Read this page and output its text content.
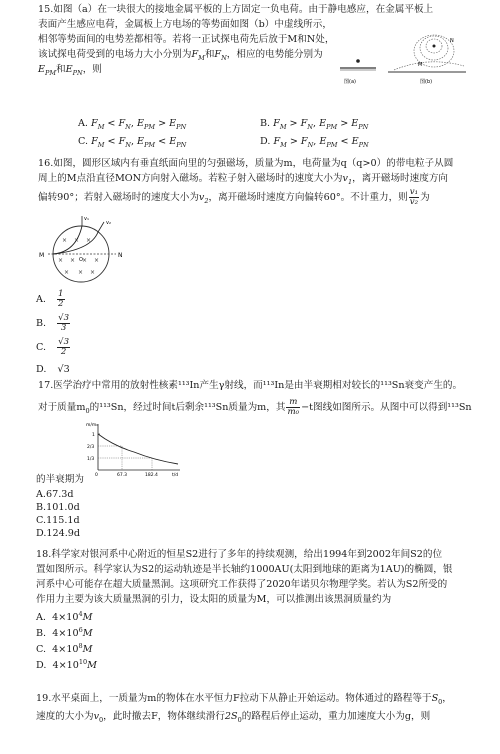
15.如图（a）在一块很大的接地金属平板的上方固定一负电荷。由于静电感应，在金属平板上
表面产生感应电荷，金属板上方电场的等势面如图（b）中虚线所示，
相邻等势面间的电势差都相等。若将一正试探电荷先后放于M和N处，
该试探电荷受到的电场力大小分别为$F_M$和$F_N$，相应的电势能分别为
$E_{PM}$和$E_{PN}$，则
图(a)
M
N
图(b)
A. $F_M < F_N$, $E_{PM} > E_{PN}$	B. $F_M > F_N$, $E_{PM} > E_{PN}$
C. $F_M < F_N$, $E_{PM} < E_{PN}$	D. $F_M > F_N$, $E_{PM} < E_{PN}$
16.如图，圆形区域内有垂直纸面向里的匀强磁场，质量为m，电荷量为q（q>0）的带电粒子从圆
周上的M点沿直径MON方向射入磁场。若粒子射入磁场时的速度大小为$v_1$，离开磁场时速度方向
偏转90°；若射入磁场时的速度大小为$v_2$，离开磁场时速度方向偏转60°。不计重力，则 $\frac{\text{v₁}}{\text{v₂}}$ 为
× × ×
× × × ×
× × ×
M
O
N
v₁
v₂
A. $\frac{1}{2}$
B. $\frac{√3}{3}$
C. $\frac{√3}{2}$
D. √3
17.医学治疗中常用的放射性核素¹¹³In产生γ射线，而¹¹³In是由半衰期相对较长的¹¹³Sn衰变产生的。
对于质量$m_0$的¹¹³Sn，经过时间t后剩余¹¹³Sn质量为m，其 $\frac{m}{\text{m₀}} -t$图线如图所示。从图中可以得到¹¹³Sn
m/m₀
1
2/3
1/3
0	67.3	182.4	t/d
的半衰期为
A.67.3d
B.101.0d
C.115.1d
D.124.9d
18.科学家对银河系中心附近的恒星S2进行了多年的持续观测，给出1994年到2002年间S2的位
置如图所示。科学家认为S2的运动轨迹是半长轴约1000AU(太阳到地球的距离为1AU)的椭圆，银
河系中心可能存在超大质量黑洞。这项研究工作获得了2020年诺贝尔物理学奖。若认为S2所受的
作用力主要为该大质量黑洞的引力，设太阳的质量为M，可以推测出该黑洞质量约为
A. $4\times 10^4M$
B. $4\times 10^6M$
C. $4\times 10^8M$
D. $4\times 10^{10}M$
19.水平桌面上，一质量为m的物体在水平恒力F拉动下从静止开始运动。物体通过的路程等于$S_0$，
速度的大小为$v_0$，此时撤去F，物体继续滑行$2S_0$的路程后停止运动，重力加速度大小为g，则
